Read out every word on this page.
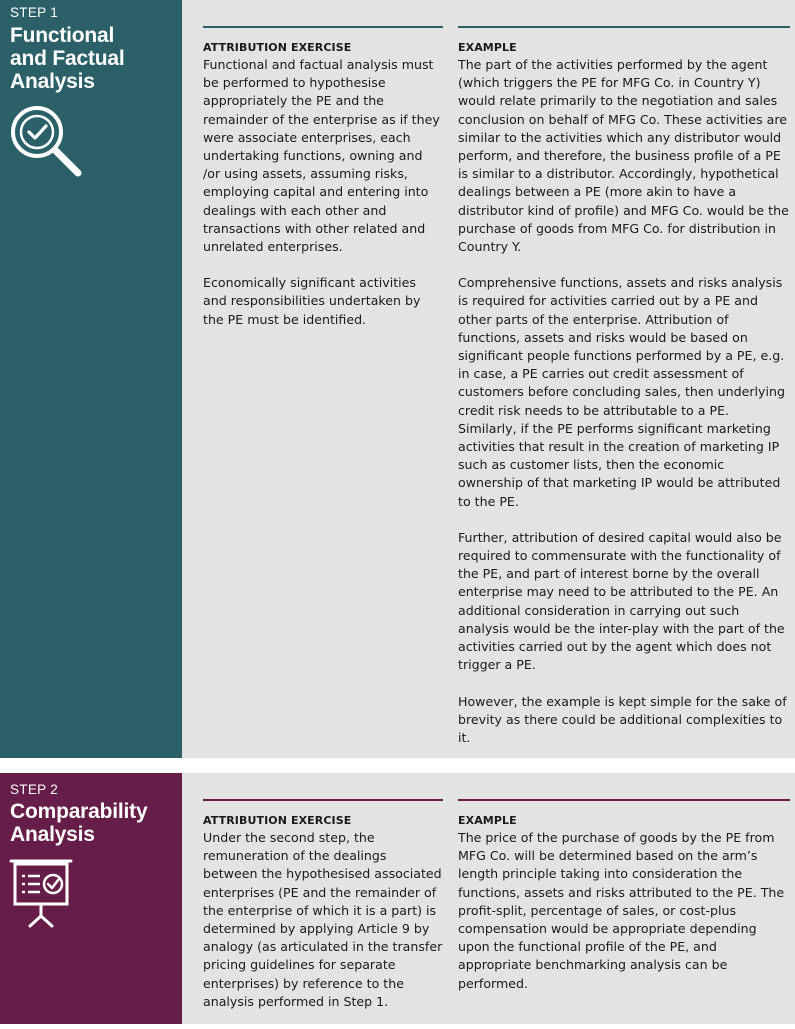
STEP 1
Functional
and Factual
Analysis

ATTRIBUTION EXERCISE

Functional and factual analysis must be performed to hypothesise appropriately the PE and the remainder of the enterprise as if they were associate enterprises, each undertaking functions, owning and /or using assets, assuming risks, employing capital and entering into dealings with each other and transactions with other related and unrelated enterprises.

Economically significant activities and responsibilities undertaken by the PE must be identified.

EXAMPLE

The part of the activities performed by the agent (which triggers the PE for MFG Co. in Country Y) would relate primarily to the negotiation and sales conclusion on behalf of MFG Co. These activities are similar to the activities which any distributor would perform, and therefore, the business profile of a PE is similar to a distributor. Accordingly, hypothetical dealings between a PE (more akin to have a distributor kind of profile) and MFG Co. would be the purchase of goods from MFG Co. for distribution in Country Y.

Comprehensive functions, assets and risks analysis is required for activities carried out by a PE and other parts of the enterprise. Attribution of functions, assets and risks would be based on significant people functions performed by a PE, e.g. in case, a PE carries out credit assessment of customers before concluding sales, then underlying credit risk needs to be attributable to a PE. Similarly, if the PE performs significant marketing activities that result in the creation of marketing IP such as customer lists, then the economic ownership of that marketing IP would be attributed to the PE.

Further, attribution of desired capital would also be required to commensurate with the functionality of the PE, and part of interest borne by the overall enterprise may need to be attributed to the PE. An additional consideration in carrying out such analysis would be the inter-play with the part of the activities carried out by the agent which does not trigger a PE.

However, the example is kept simple for the sake of brevity as there could be additional complexities to it.

STEP 2
Comparability
Analysis

ATTRIBUTION EXERCISE

Under the second step, the remuneration of the dealings between the hypothesised associated enterprises (PE and the remainder of the enterprise of which it is a part) is determined by applying Article 9 by analogy (as articulated in the transfer pricing guidelines for separate enterprises) by reference to the analysis performed in Step 1.

EXAMPLE

The price of the purchase of goods by the PE from MFG Co. will be determined based on the arm’s length principle taking into consideration the functions, assets and risks attributed to the PE. The profit-split, percentage of sales, or cost-plus compensation would be appropriate depending upon the functional profile of the PE, and appropriate benchmarking analysis can be performed.
